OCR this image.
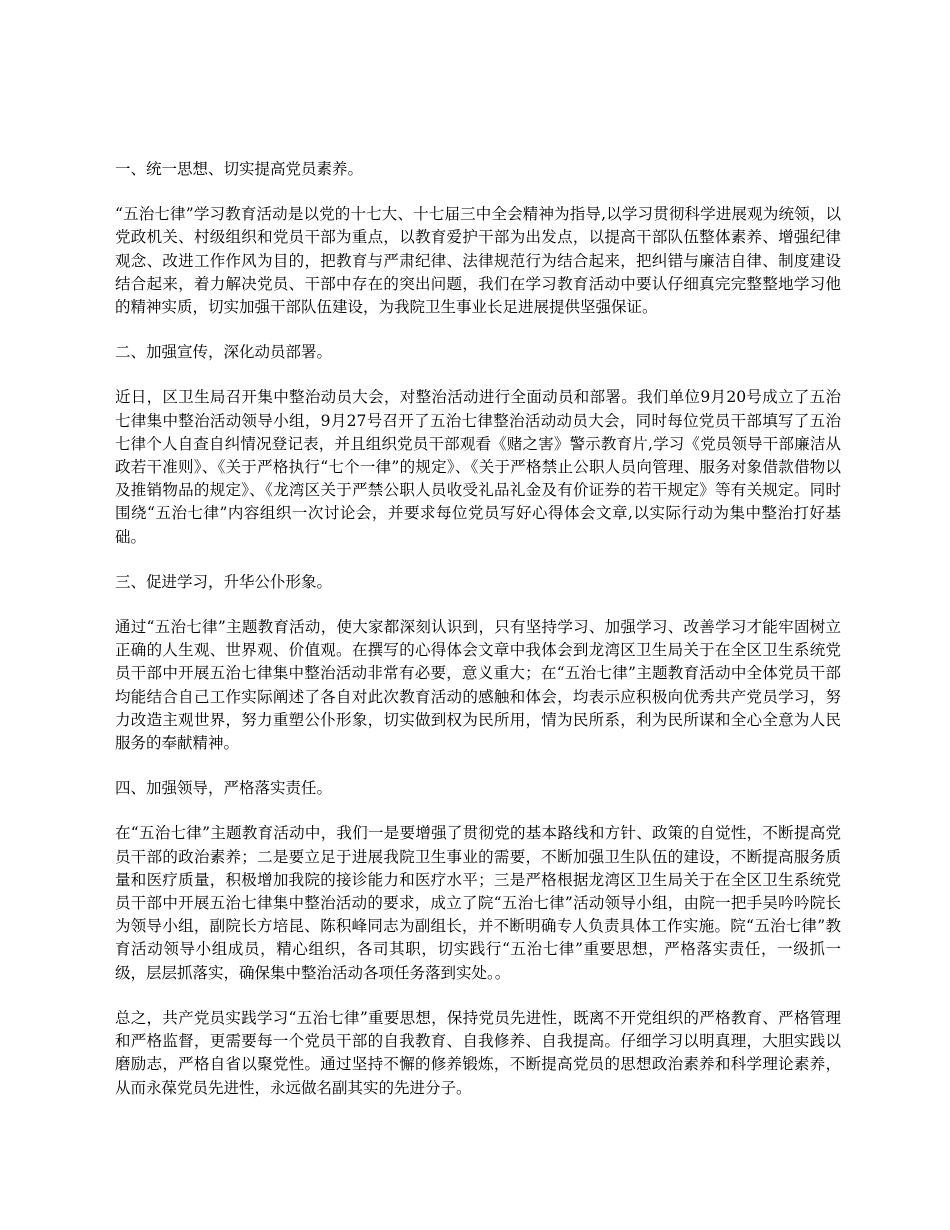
一、统一思想、切实提高党员素养。

“五治七律”学习教育活动是以党的十七大、十七届三中全会精神为指导,以学习贯彻科学进展观为统领，以党政机关、村级组织和党员干部为重点，以教育爱护干部为出发点，以提高干部队伍整体素养、增强纪律观念、改进工作作风为目的，把教育与严肃纪律、法律规范行为结合起来，把纠错与廉洁自律、制度建设结合起来，着力解决党员、干部中存在的突出问题，我们在学习教育活动中要认仔细真完完整整地学习他的精神实质，切实加强干部队伍建设，为我院卫生事业长足进展提供坚强保证。

二、加强宣传，深化动员部署。

近日，区卫生局召开集中整治动员大会，对整治活动进行全面动员和部署。我们单位9月20号成立了五治七律集中整治活动领导小组，9月27号召开了五治七律整治活动动员大会，同时每位党员干部填写了五治七律个人自查自纠情况登记表，并且组织党员干部观看《赌之害》警示教育片,学习《党员领导干部廉洁从政若干准则》、《关于严格执行“七个一律”的规定》、《关于严格禁止公职人员向管理、服务对象借款借物以及推销物品的规定》、《龙湾区关于严禁公职人员收受礼品礼金及有价证券的若干规定》等有关规定。同时围绕“五治七律”内容组织一次讨论会，并要求每位党员写好心得体会文章,以实际行动为集中整治打好基础。

三、促进学习，升华公仆形象。

通过“五治七律”主题教育活动，使大家都深刻认识到，只有坚持学习、加强学习、改善学习才能牢固树立正确的人生观、世界观、价值观。在撰写的心得体会文章中我体会到龙湾区卫生局关于在全区卫生系统党员干部中开展五治七律集中整治活动非常有必要，意义重大；在“五治七律”主题教育活动中全体党员干部均能结合自己工作实际阐述了各自对此次教育活动的感触和体会，均表示应积极向优秀共产党员学习，努力改造主观世界，努力重塑公仆形象，切实做到权为民所用，情为民所系，利为民所谋和全心全意为人民服务的奉献精神。

四、加强领导，严格落实责任。

在“五治七律”主题教育活动中，我们一是要增强了贯彻党的基本路线和方针、政策的自觉性，不断提高党员干部的政治素养；二是要立足于进展我院卫生事业的需要，不断加强卫生队伍的建设，不断提高服务质量和医疗质量，积极增加我院的接诊能力和医疗水平；三是严格根据龙湾区卫生局关于在全区卫生系统党员干部中开展五治七律集中整治活动的要求，成立了院“五治七律”活动领导小组，由院一把手吴吟吟院长为领导小组，副院长方培昆、陈积峰同志为副组长，并不断明确专人负责具体工作实施。院“五治七律”教育活动领导小组成员，精心组织，各司其职，切实践行“五治七律”重要思想，严格落实责任，一级抓一级，层层抓落实，确保集中整治活动各项任务落到实处。。

总之，共产党员实践学习“五治七律”重要思想，保持党员先进性，既离不开党组织的严格教育、严格管理和严格监督，更需要每一个党员干部的自我教育、自我修养、自我提高。仔细学习以明真理，大胆实践以磨励志，严格自省以聚党性。通过坚持不懈的修养锻炼，不断提高党员的思想政治素养和科学理论素养，从而永葆党员先进性，永远做名副其实的先进分子。
